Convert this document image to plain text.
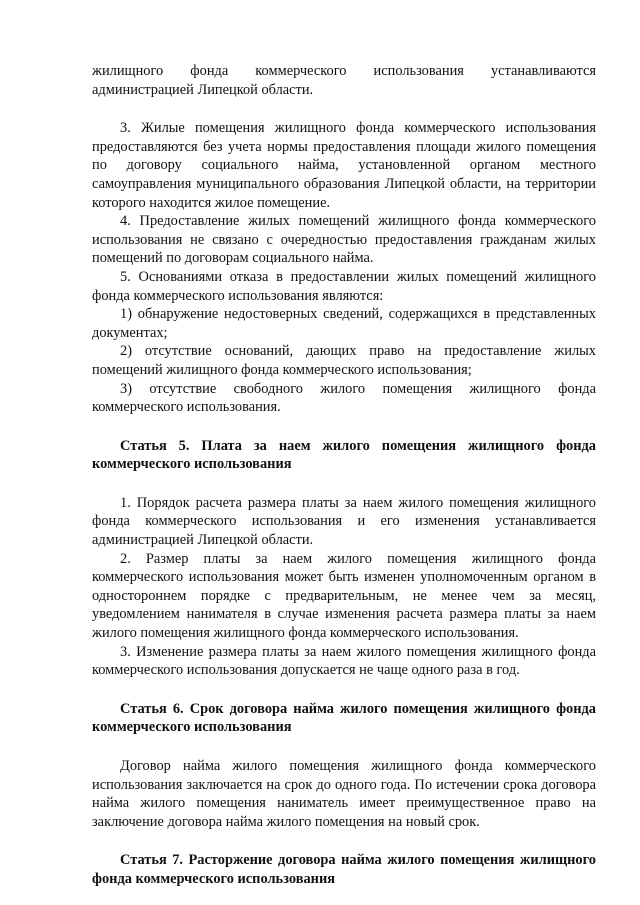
жилищного фонда коммерческого использования устанавливаются администрацией Липецкой области.

3. Жилые помещения жилищного фонда коммерческого использования предоставляются без учета нормы предоставления площади жилого помещения по договору социального найма, установленной органом местного самоуправления муниципального образования Липецкой области, на территории которого находится жилое помещение.

4. Предоставление жилых помещений жилищного фонда коммерческого использования не связано с очередностью предоставления гражданам жилых помещений по договорам социального найма.

5. Основаниями отказа в предоставлении жилых помещений жилищного фонда коммерческого использования являются:

1) обнаружение недостоверных сведений, содержащихся в представленных документах;

2) отсутствие оснований, дающих право на предоставление жилых помещений жилищного фонда коммерческого использования;

3) отсутствие свободного жилого помещения жилищного фонда коммерческого использования.

Статья 5. Плата за наем жилого помещения жилищного фонда коммерческого использования

1. Порядок расчета размера платы за наем жилого помещения жилищного фонда коммерческого использования и его изменения устанавливается администрацией Липецкой области.

2. Размер платы за наем жилого помещения жилищного фонда коммерческого использования может быть изменен уполномоченным органом в одностороннем порядке с предварительным, не менее чем за месяц, уведомлением нанимателя в случае изменения расчета размера платы за наем жилого помещения жилищного фонда коммерческого использования.

3. Изменение размера платы за наем жилого помещения жилищного фонда коммерческого использования допускается не чаще одного раза в год.

Статья 6. Срок договора найма жилого помещения жилищного фонда коммерческого использования

Договор найма жилого помещения жилищного фонда коммерческого использования заключается на срок до одного года. По истечении срока договора найма жилого помещения наниматель имеет преимущественное право на заключение договора найма жилого помещения на новый срок.

Статья 7. Расторжение договора найма жилого помещения жилищного фонда коммерческого использования
